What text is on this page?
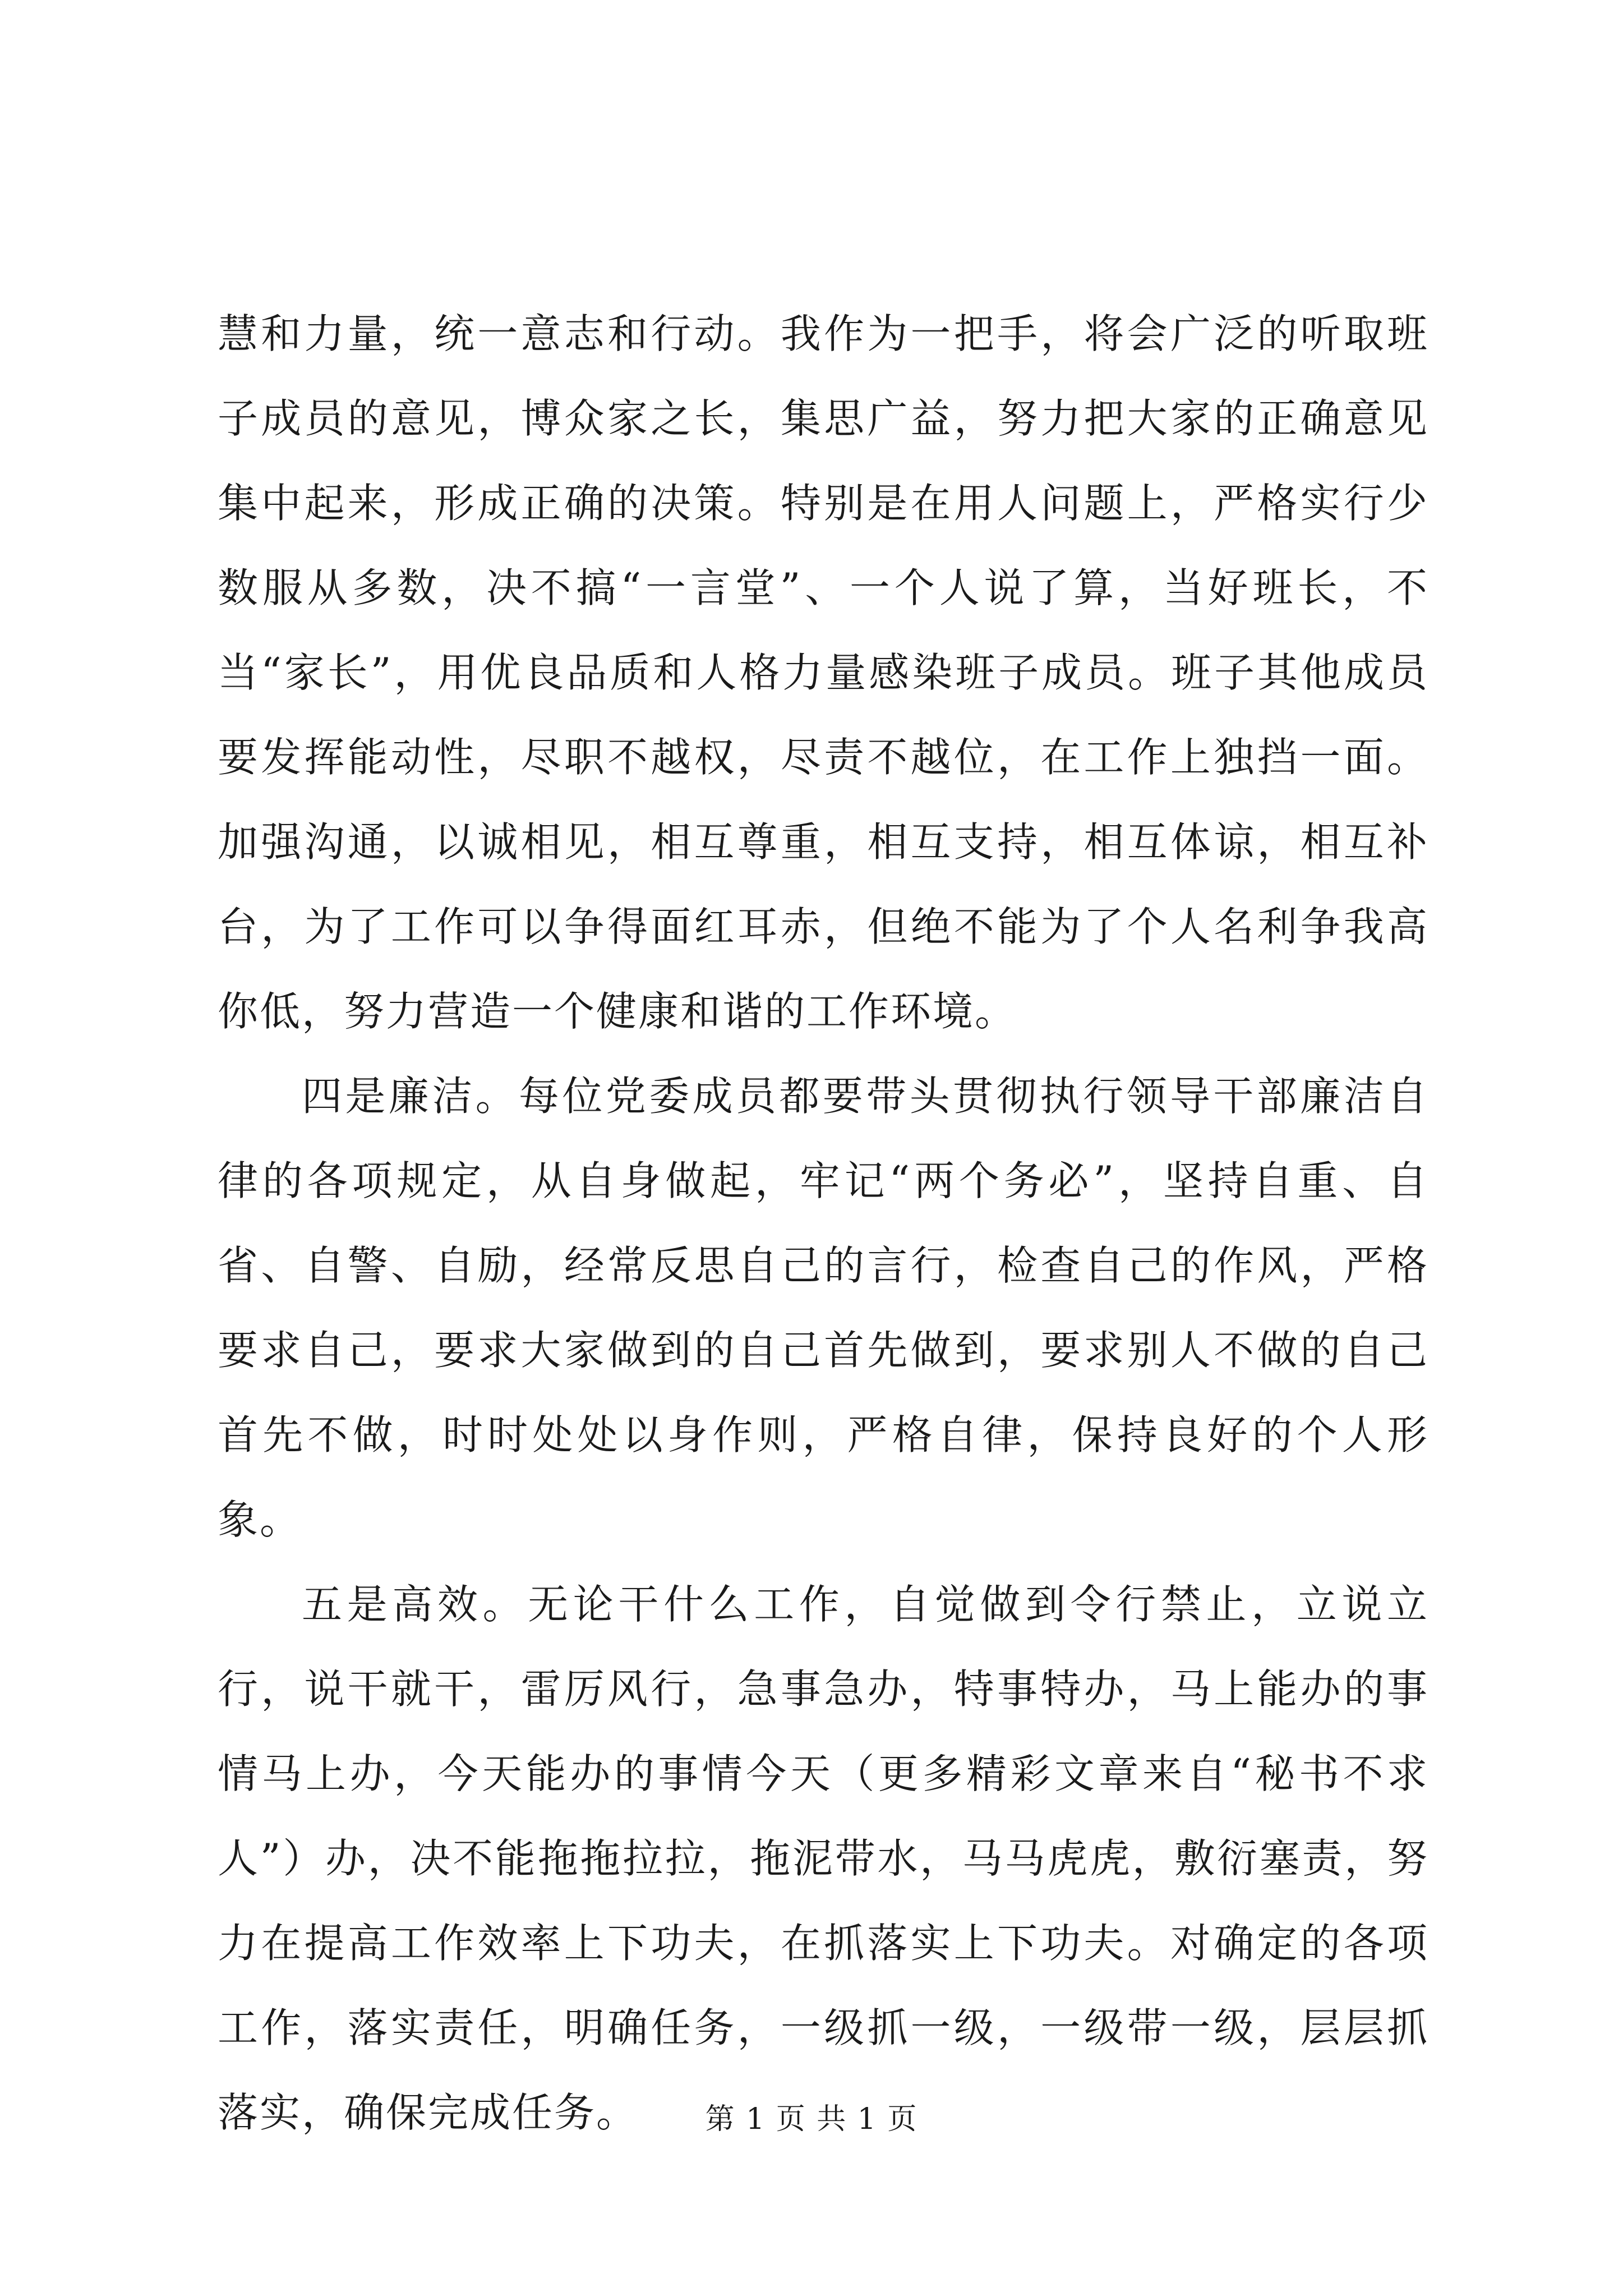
慧和力量，统一意志和行动。我作为一把手，将会广泛的听取班子成员的意见，博众家之长，集思广益，努力把大家的正确意见集中起来，形成正确的决策。特别是在用人问题上，严格实行少数服从多数，决不搞“一言堂”、一个人说了算，当好班长，不当“家长”，用优良品质和人格力量感染班子成员。班子其他成员要发挥能动性，尽职不越权，尽责不越位，在工作上独挡一面。加强沟通，以诚相见，相互尊重，相互支持，相互体谅，相互补台，为了工作可以争得面红耳赤，但绝不能为了个人名利争我高你低，努力营造一个健康和谐的工作环境。

四是廉洁。每位党委成员都要带头贯彻执行领导干部廉洁自律的各项规定，从自身做起，牢记“两个务必”，坚持自重、自省、自警、自励，经常反思自己的言行，检查自己的作风，严格要求自己，要求大家做到的自己首先做到，要求别人不做的自己首先不做，时时处处以身作则，严格自律，保持良好的个人形象。

五是高效。无论干什么工作，自觉做到令行禁止，立说立行，说干就干，雷厉风行，急事急办，特事特办，马上能办的事情马上办，今天能办的事情今天（更多精彩文章来自“秘书不求人”）办，决不能拖拖拉拉，拖泥带水，马马虎虎，敷衍塞责，努力在提高工作效率上下功夫，在抓落实上下功夫。对确定的各项工作，落实责任，明确任务，一级抓一级，一级带一级，层层抓落实，确保完成任务。	第 1 页 共 1 页
